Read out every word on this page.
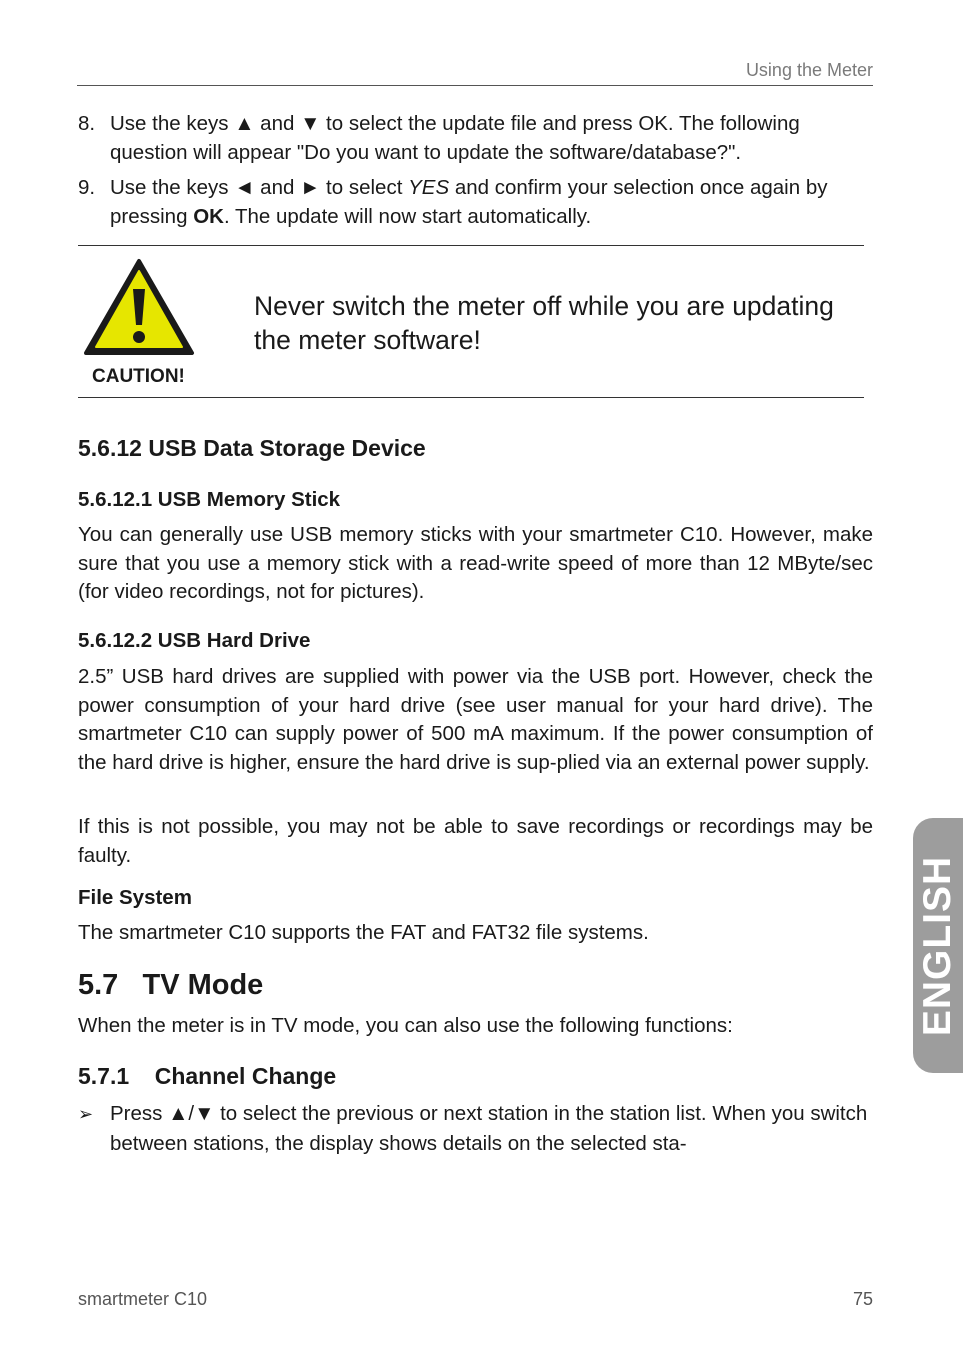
Using the Meter
8. Use the keys ▲ and ▼ to select the update file and press OK. The following question will appear "Do you want to update the software/database?".
9. Use the keys ◄ and ► to select YES and confirm your selection once again by pressing OK. The update will now start automatically.
CAUTION!
Never switch the meter off while you are updating the meter software!
5.6.12 USB Data Storage Device
5.6.12.1 USB Memory Stick
You can generally use USB memory sticks with your smartmeter C10. However, make sure that you use a memory stick with a read-write speed of more than 12 MByte/sec (for video recordings, not for pictures).
5.6.12.2 USB Hard Drive
2.5” USB hard drives are supplied with power via the USB port. However, check the power consumption of your hard drive (see user manual for your hard drive). The smartmeter C10 can supply power of 500 mA maximum. If the power consumption of the hard drive is higher, ensure the hard drive is sup-plied via an external power supply.
If this is not possible, you may not be able to save recordings or recordings may be faulty.
File System
The smartmeter C10 supports the FAT and FAT32 file systems.
5.7   TV Mode
When the meter is in TV mode, you can also use the following functions:
5.7.1    Channel Change
➢ Press ▲/▼ to select the previous or next station in the station list. When you switch between stations, the display shows details on the selected sta-
ENGLISH
smartmeter C10	75
